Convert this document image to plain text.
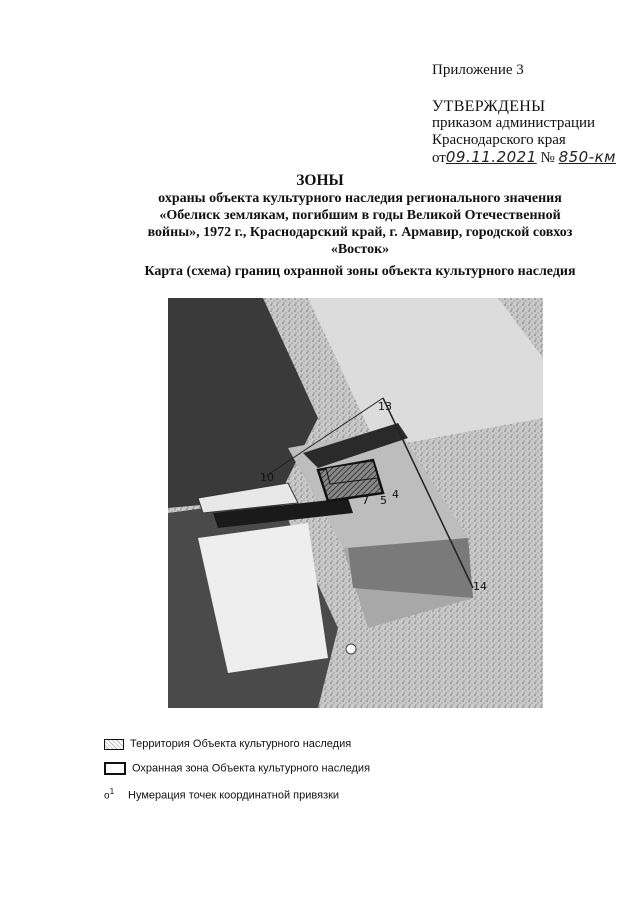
Приложение 3
УТВЕРЖДЕНЫ
приказом администрации
Краснодарского края
от09.11.2021 № 850-км
ЗОНЫ
охраны объекта культурного наследия регионального значения
«Обелиск землякам, погибшим в годы Великой Отечественной
войны», 1972 г., Краснодарский край, г. Армавир, городской совхоз
«Восток»
Карта (схема) границ охранной зоны объекта культурного наследия
13
10
7 5 4
14
Территория Объекта культурного наследия
Охранная зона Объекта культурного наследия
$o^1$ Нумерация точек координатной привязки
